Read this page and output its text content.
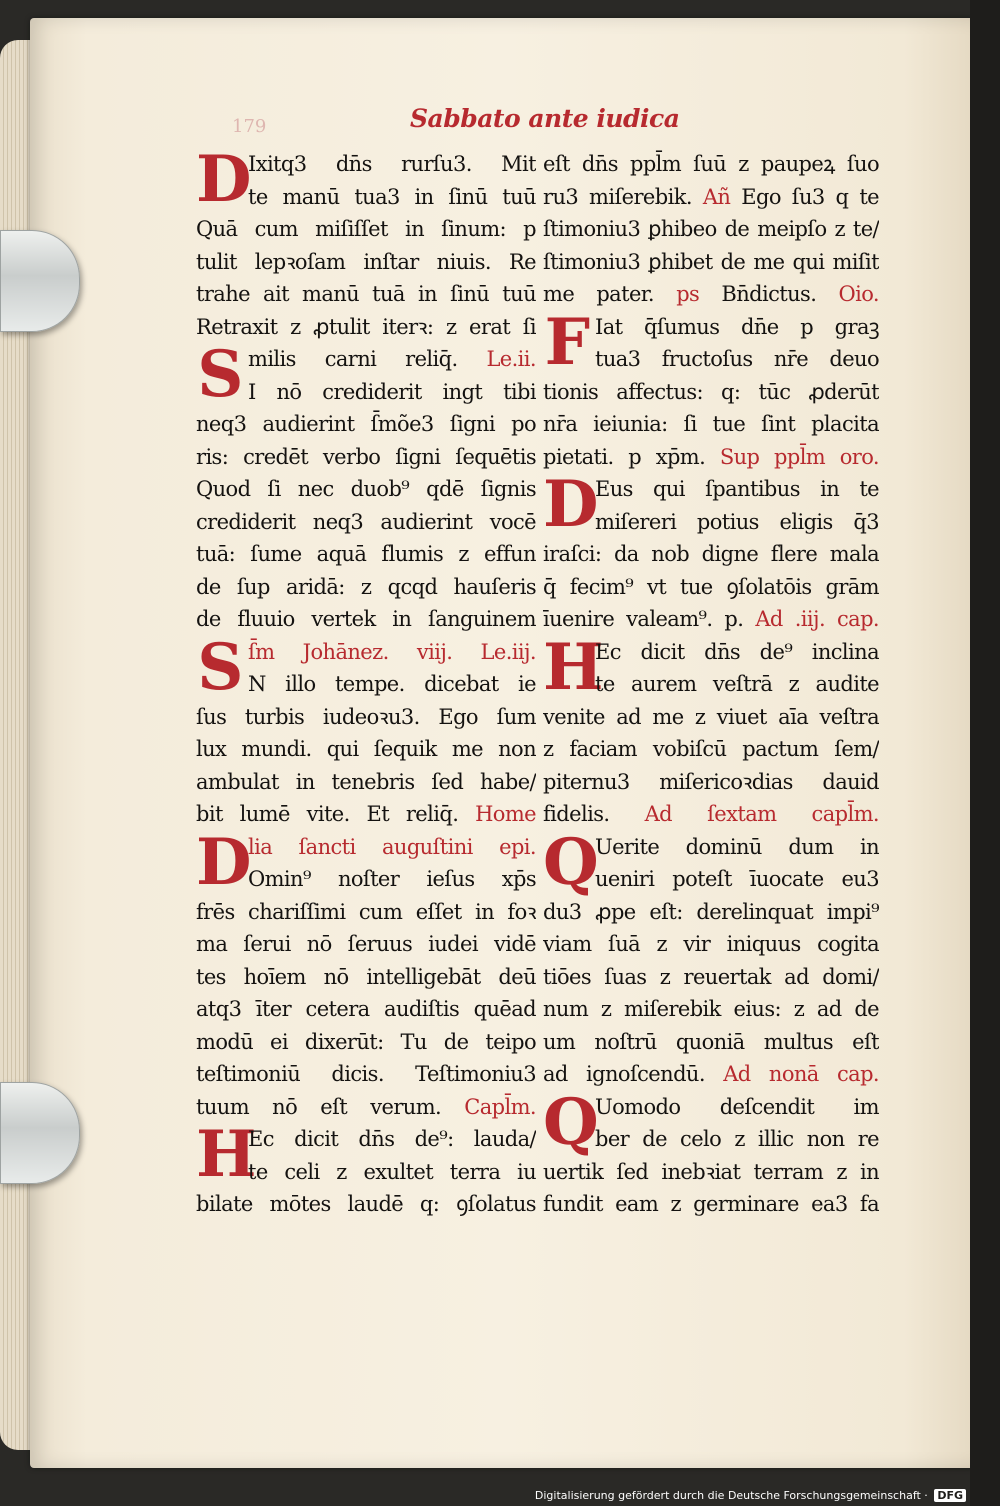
179	Sabbato ante iudica
D
Ixitq3 dn̄s rurſu3. Mit
te manū tua3 in ſinū tuū
Quā cum miſiſſet in ſinum: p
tulit lepꝛoſam inſtar niuis. Re
trahe ait manū tuā in ſinū tuū
Retraxit z ꝓtulit iterꝛ: z erat ſi
S milis carni reliq̄. Le.ii.
I nō crediderit ingt tibi
neq3 audierint ſ̄mõe3 ſigni po
ris: credēt verbo ſigni ſequētis
Quod ſi nec duob⁹ qdē ſignis
crediderit neq3 audierint vocē
tuā: ſume aquā flumis z effun
de ſup aridā: z qcqd hauſeris
de fluuio vertek in ſanguinem
S ſ̄m Johānez. viij. Le.iij.
N illo tempe. dicebat ie
ſus turbis iudeoꝛu3. Ego ſum
lux mundi. qui ſequik me non
ambulat in tenebris ſed habe/
bit lumē vite. Et reliq̄. Home
D
lia ſancti auguſtini epi.
Omin⁹ noſter ieſus xp̄s
frēs chariſſimi cum eſſet in foꝛ
ma ſerui nō ſeruus iudei vidē
tes hoīem nō intelligebāt deū
atq3 īter cetera audiſtis quēad
modū ei dixerūt: Tu de teipo
teſtimoniū dicis. Teſtimoniu3
tuum nō eſt verum. Capl̄m.
H
Ec dicit dn̄s de⁹: lauda/
te celi z exultet terra iu
bilate mōtes laudē q: ꝯſolatus
eſt dn̄s ppl̄m ſuū z paupeꝝ ſuo
ru3 miſerebik. Añ Ego ſu3 q te
ſtimoniu3 ꝑhibeo de meipſo z te/
ſtimoniu3 ꝑhibet de me qui miſit
me pater. ps Bn̄dictus. Oio.
F Iat q̄ſumus dn̄e p graꝫ
tua3 fructoſus nr̄e deuo
tionis affectus: q: tūc ꝓderūt
nr̄a ieiunia: ſi tue ſint placita
pietati. p xp̄m. Sup ppl̄m oro.
D
Eus qui ſpantibus in te
miſereri potius eligis q̄3
iraſci: da nob digne flere mala
q̄ fecim⁹ vt tue ꝯſolatōis grām
īuenire valeam⁹. p. Ad .iij. cap.
H
Ec dicit dn̄s de⁹ inclina
te aurem veſtrā z audite
venite ad me z viuet aīa veſtra
z faciam vobiſcū pactum ſem/
piternu3 miſericoꝛdias dauid
fidelis. Ad ſextam capl̄m.
Q
Uerite dominū dum in
ueniri poteſt īuocate eu3
du3 ꝓpe eſt: derelinquat impi⁹
viam ſuā z vir iniquus cogita
tiōes ſuas z reuertak ad domi/
num z miſerebik eius: z ad de
um noſtrū quoniā multus eſt
ad ignoſcendū. Ad nonā cap.
Q
Uomodo deſcendit im
ber de celo z illic non re
uertik ſed inebꝛiat terram z in
fundit eam z germinare ea3 fa
Digitalisierung gefördert durch die Deutsche Forschungsgemeinschaft · DFG
